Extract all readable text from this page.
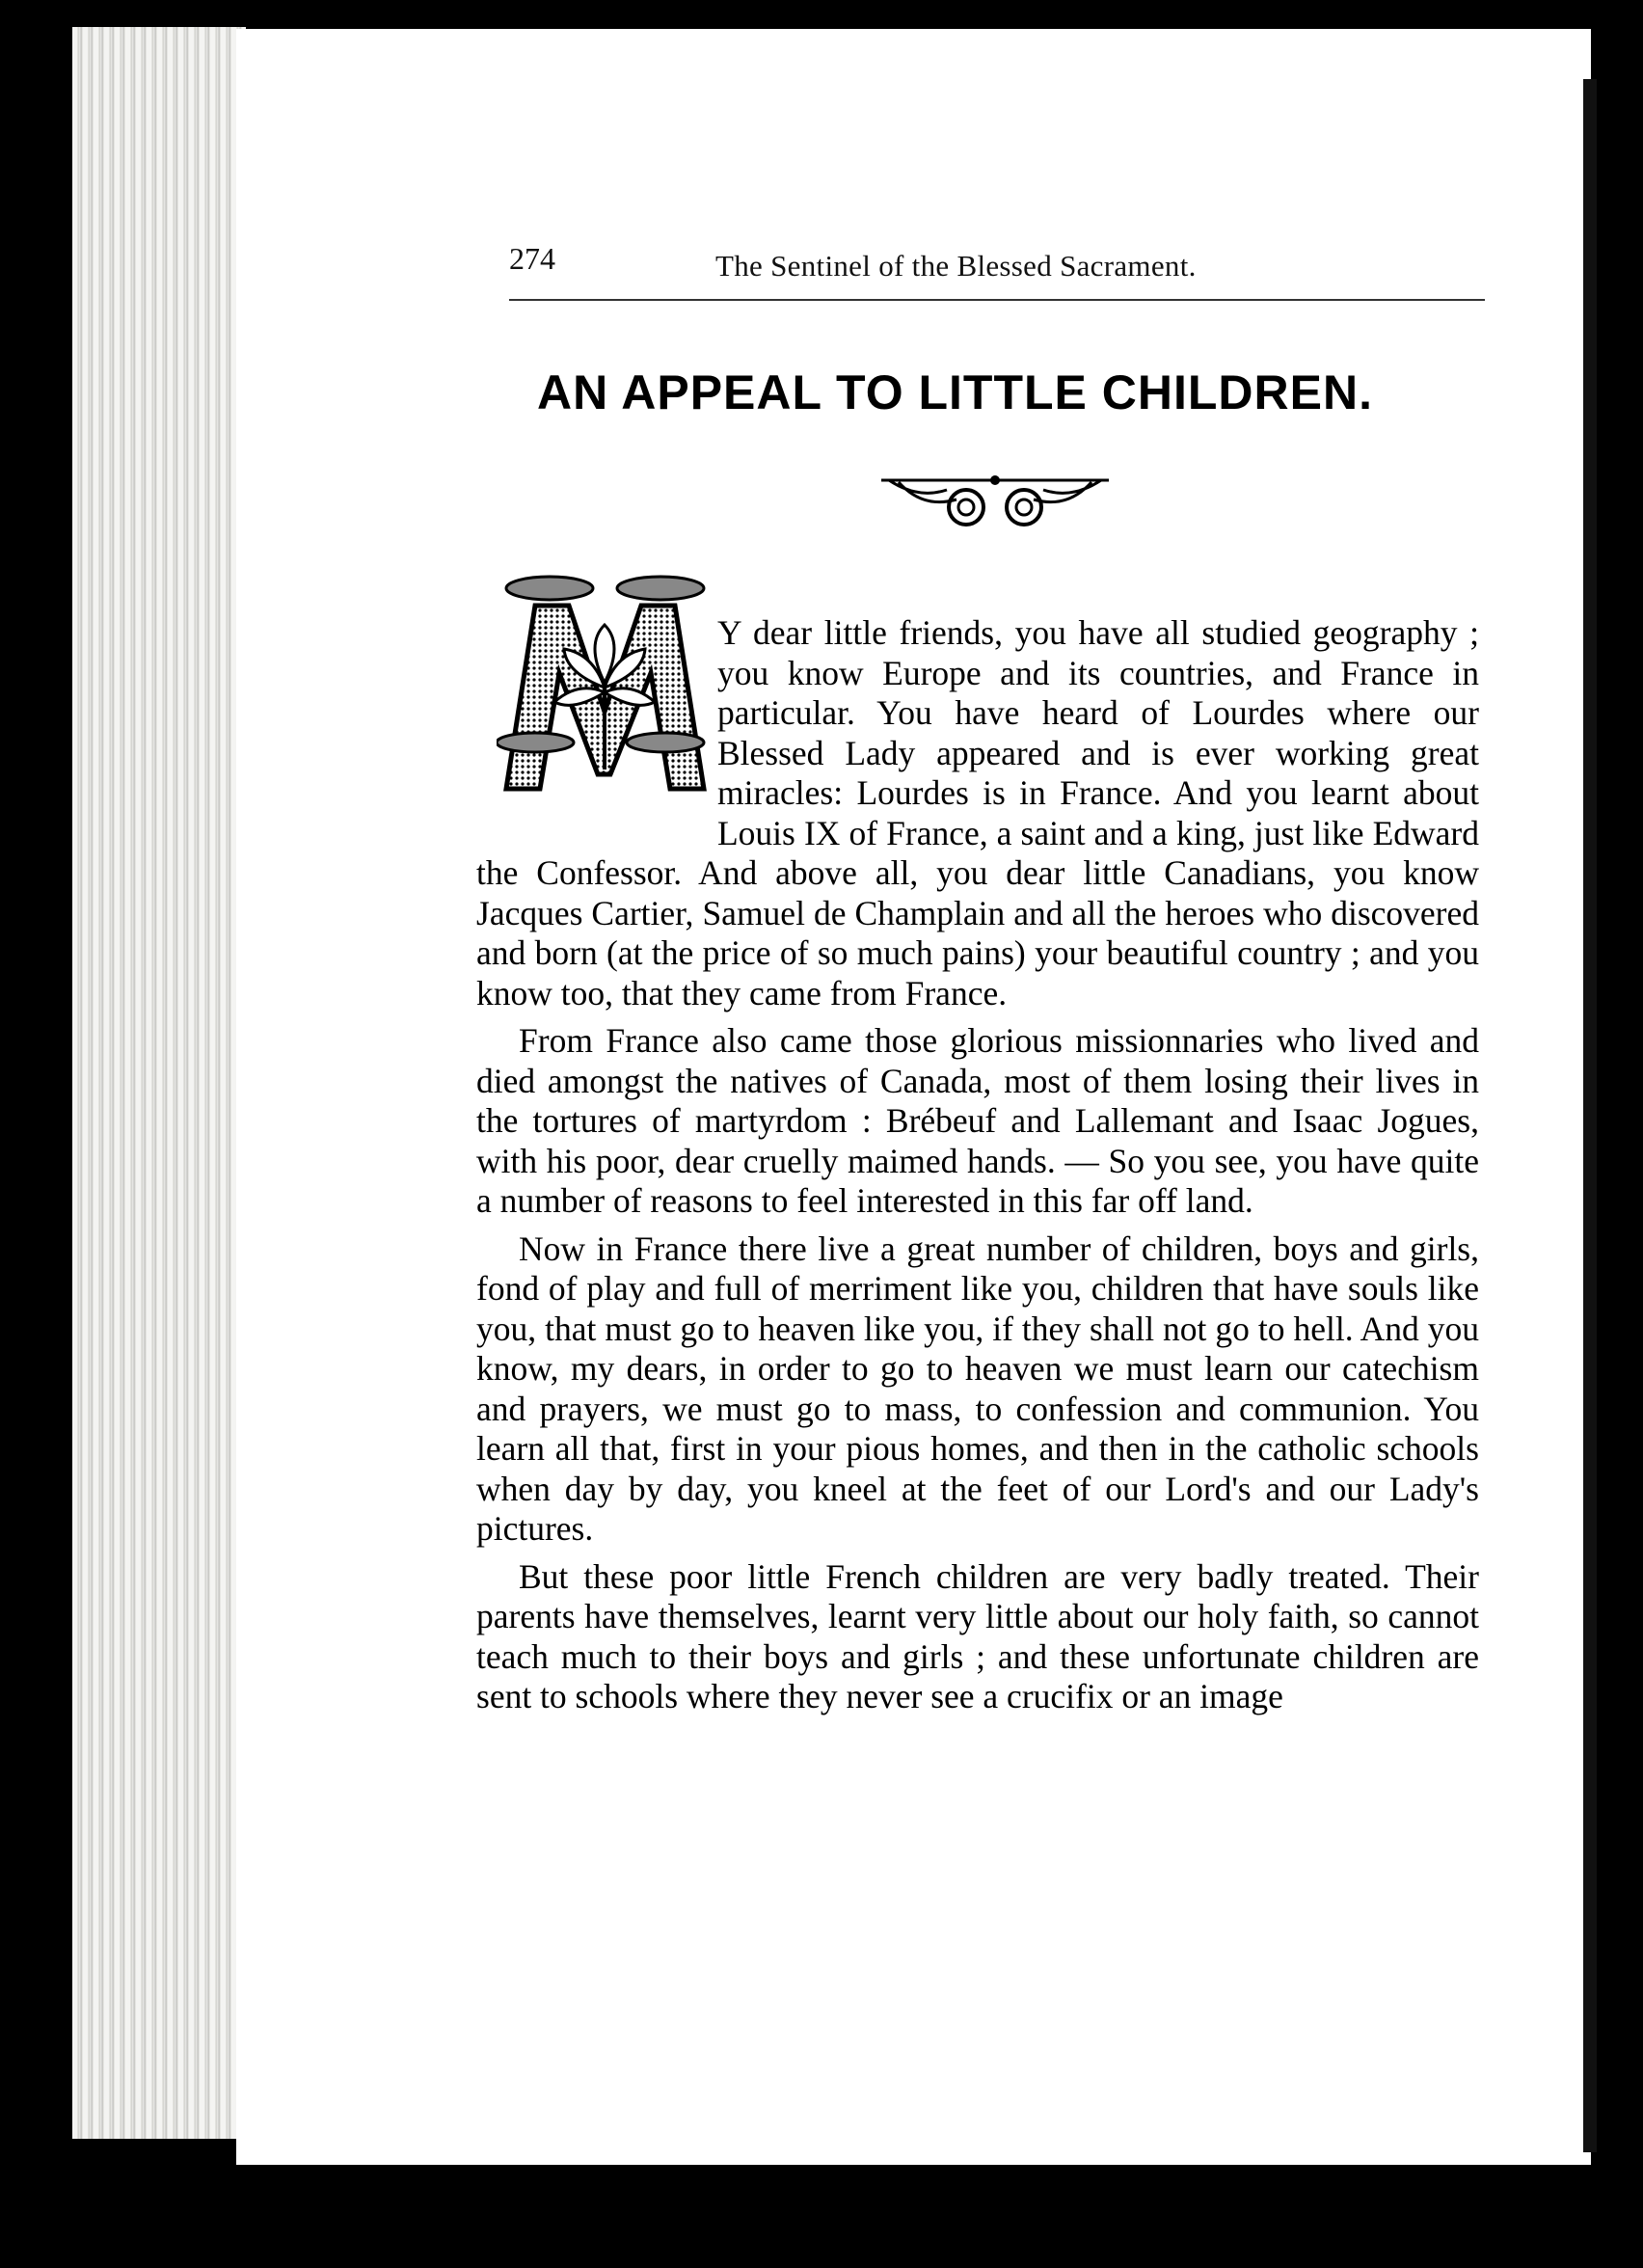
274	The Sentinel of the Blessed Sacrament.
AN APPEAL TO LITTLE CHILDREN.
M

Y dear little friends, you have all studied geography ; you know Europe and its countries, and France in particular. You have heard of Lourdes where our Blessed Lady appeared and is ever working great miracles: Lourdes is in France. And you learnt about Louis IX of France, a saint and a king, just like Edward the Confessor. And above all, you dear little Canadians, you know Jacques Cartier, Samuel de Champlain and all the heroes who discovered and born (at the price of so much pains) your beautiful country ; and you know too, that they came from France.

From France also came those glorious missionnaries who lived and died amongst the natives of Canada, most of them losing their lives in the tortures of martyrdom : Brébeuf and Lallemant and Isaac Jogues, with his poor, dear cruelly maimed hands. — So you see, you have quite a number of reasons to feel interested in this far off land.

Now in France there live a great number of children, boys and girls, fond of play and full of merriment like you, children that have souls like you, that must go to heaven like you, if they shall not go to hell. And you know, my dears, in order to go to heaven we must learn our catechism and prayers, we must go to mass, to confession and communion. You learn all that, first in your pious homes, and then in the catholic schools when day by day, you kneel at the feet of our Lord's and our Lady's pictures.

But these poor little French children are very badly treated. Their parents have themselves, learnt very little about our holy faith, so cannot teach much to their boys and girls ; and these unfortunate children are sent to schools where they never see a crucifix or an image
